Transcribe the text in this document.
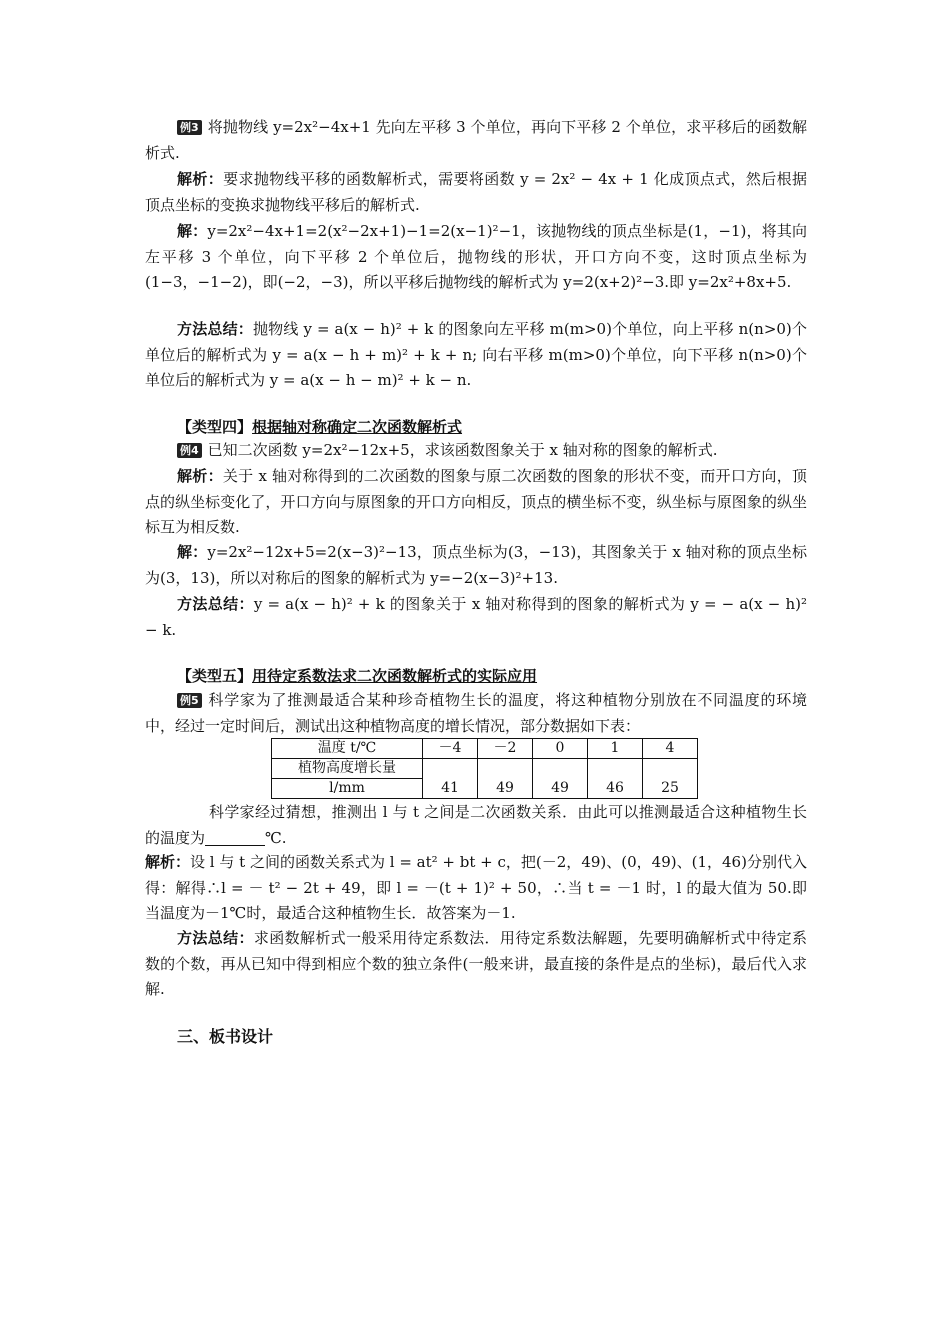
例3 将抛物线 y=2x²−4x+1 先向左平移 3 个单位，再向下平移 2 个单位，求平移后的函数解析式.
解析：要求抛物线平移的函数解析式，需要将函数 y = 2x² − 4x + 1 化成顶点式，然后根据顶点坐标的变换求抛物线平移后的解析式.
解：y=2x²−4x+1=2(x²−2x+1)−1=2(x−1)²−1，该抛物线的顶点坐标是(1，−1)，将其向左平移 3 个单位，向下平移 2 个单位后，抛物线的形状，开口方向不变，这时顶点坐标为(1−3，−1−2)，即(−2，−3)，所以平移后抛物线的解析式为 y=2(x+2)²−3.即 y=2x²+8x+5.
方法总结：抛物线 y = a(x − h)² + k 的图象向左平移 m(m>0)个单位，向上平移 n(n>0)个单位后的解析式为 y = a(x − h + m)² + k + n; 向右平移 m(m>0)个单位，向下平移 n(n>0)个单位后的解析式为 y = a(x − h − m)² + k − n.
【类型四】根据轴对称确定二次函数解析式
例4 已知二次函数 y=2x²−12x+5，求该函数图象关于 x 轴对称的图象的解析式.
解析：关于 x 轴对称得到的二次函数的图象与原二次函数的图象的形状不变，而开口方向，顶点的纵坐标变化了，开口方向与原图象的开口方向相反，顶点的横坐标不变，纵坐标与原图象的纵坐标互为相反数.
解：y=2x²−12x+5=2(x−3)²−13，顶点坐标为(3，−13)，其图象关于 x 轴对称的顶点坐标为(3，13)，所以对称后的图象的解析式为 y=−2(x−3)²+13.
方法总结：y = a(x − h)² + k 的图象关于 x 轴对称得到的图象的解析式为 y = − a(x − h)² − k.
【类型五】用待定系数法求二次函数解析式的实际应用
例5 科学家为了推测最适合某种珍奇植物生长的温度，将这种植物分别放在不同温度的环境中，经过一定时间后，测试出这种植物高度的增长情况，部分数据如下表：
温度 t/℃	－4	－2	0	1	4
植物高度增长量	41	49	49	46	25
l/mm					
科学家经过猜想，推测出 l 与 t 之间是二次函数关系．由此可以推测最适合这种植物生长的温度为	℃.
解析：设 l 与 t 之间的函数关系式为 l = at² + bt + c，把(－2，49)、(0，49)、(1，46)分别代入得：解得∴l = － t² − 2t + 49，即 l = －(t + 1)² + 50，∴当 t = －1 时，l 的最大值为 50.即当温度为－1℃时，最适合这种植物生长．故答案为－1.
方法总结：求函数解析式一般采用待定系数法．用待定系数法解题，先要明确解析式中待定系数的个数，再从已知中得到相应个数的独立条件(一般来讲，最直接的条件是点的坐标)，最后代入求解.
三、板书设计
